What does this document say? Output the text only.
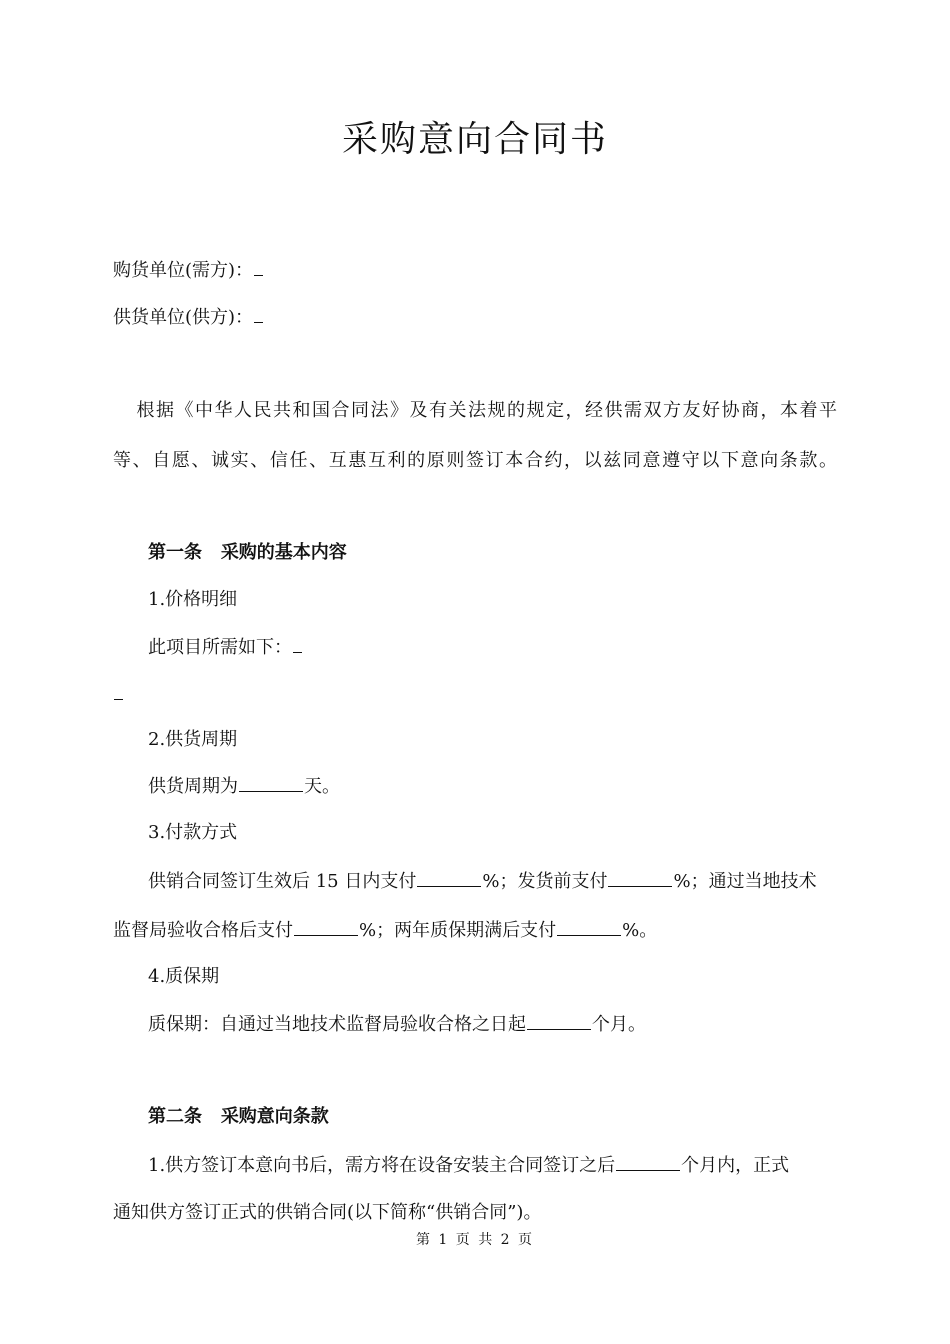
采购意向合同书
购货单位(需方)：
供货单位(供方)：
根据《中华人民共和国合同法》及有关法规的规定，经供需双方友好协商，本着平
等、自愿、诚实、信任、互惠互利的原则签订本合约，以兹同意遵守以下意向条款。
第一条 采购的基本内容
1.价格明细
此项目所需如下：
2.供货周期
供货周期为	天。
3.付款方式
供销合同签订生效后 15 日内支付	%；发货前支付	%；通过当地技术
监督局验收合格后支付	%；两年质保期满后支付	%。
4.质保期
质保期：自通过当地技术监督局验收合格之日起	个月。
第二条 采购意向条款
1.供方签订本意向书后，需方将在设备安装主合同签订之后	个月内，正式
通知供方签订正式的供销合同(以下简称“供销合同”)。
第 1 页 共 2 页
